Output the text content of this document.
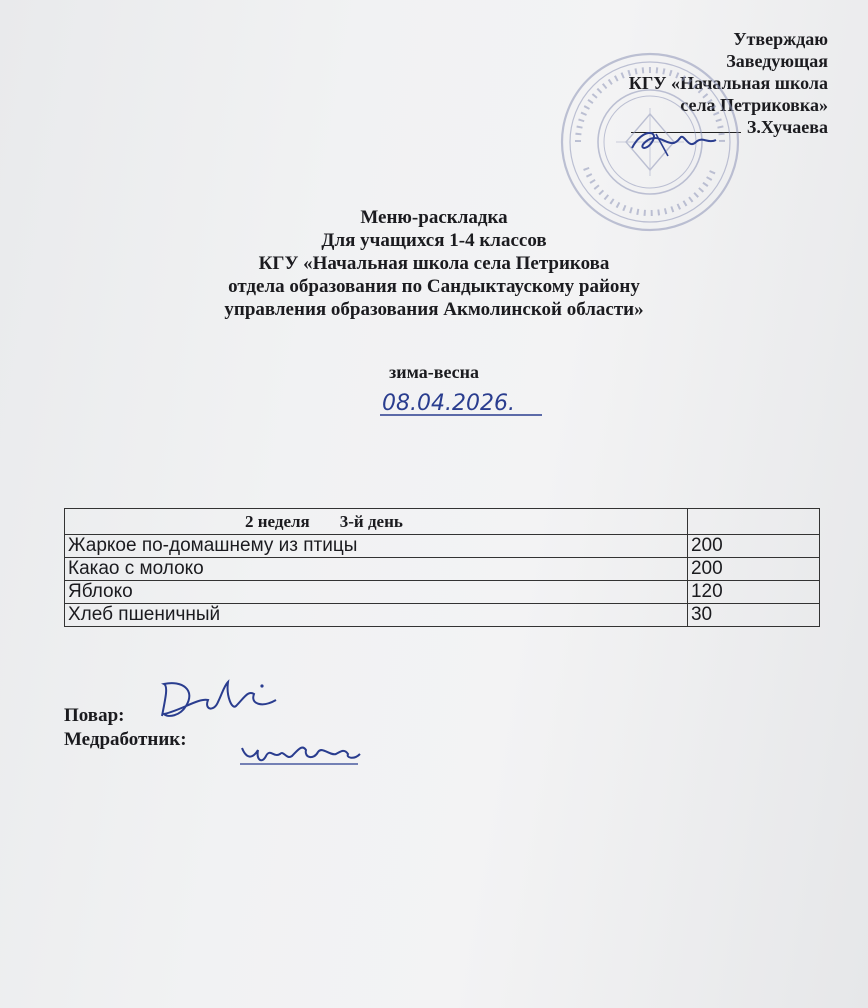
Утверждаю
Заведующая
КГУ «Начальная школа
села Петриковка»
З.Хучаева
Меню-раскладка
Для учащихся 1-4 классов
КГУ «Начальная школа села Петрикова
отдела образования по Сандыктаускому району
управления образования Акмолинской области»
зима-весна
08.04.2026.
2 неделя 3-й день	
Жаркое по-домашнему из птицы	200
Какао с молоко	200
Яблоко	120
Хлеб пшеничный	30
Повар:
Медработник:
